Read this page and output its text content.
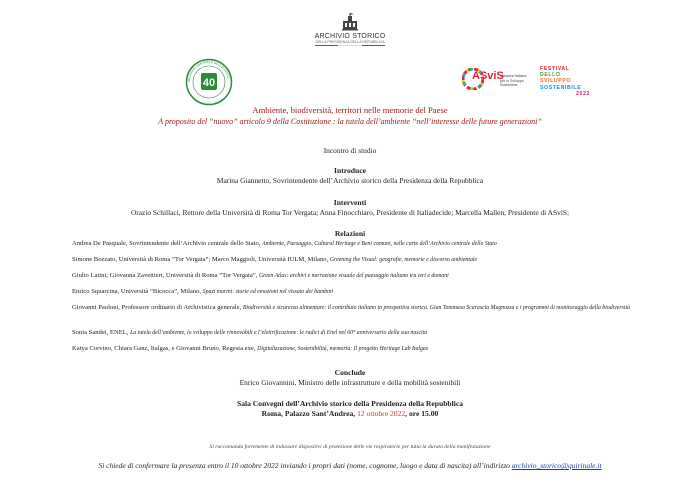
ARCHIVIO STORICO
DELLA PRESIDENZA DELLA REPUBBLICA
ARCHIVIO CENTRALE DELLO STATO
40
ASviS
Alleanza Italiana
per lo Sviluppo Sostenibile
FESTIVAL
DELLO
SVILUPPO
SOSTENIBILE
2022
Ambiente, biodiversità, territori nelle memorie del Paese
A proposito del “nuovo” articolo 9 della Costituzione : la tutela dell’ambiente “nell’interesse delle future generazioni”
Incontro di studio
Introduce
Marina Giannetto, Sovrintendente dell’Archivio storico della Presidenza della Repubblica
Interventi
Orazio Schillaci, Rettore della Università di Roma Tor Vergata; Anna Finocchiaro, Presidente di Italiadecide; Marcella Mallen, Presidente di ASviS;
Relazioni
Andrea De Pasquale, Sovrintendente dell’Archivio centrale dello Stato, Ambiente, Paesaggio, Cultural Heritage e Beni comuni, nelle carte dell’Archivio centrale dello Stato
Simone Bozzato, Università di Roma “Tor Vergata”; Marco Maggioli, Università IULM, Milano, Greening the Visual: geografie, memorie e discorso ambientale
Giulio Latini; Giovanna Zavettieri, Università di Roma “Tor Vergata”, Green Atlas: archivi e narrazione visuale del paesaggio italiano tra ieri e domani
Enrico Squarcina, Università “Bicocca”, Milano, Spazi marini: storie ed emozioni nel vissuto dei bambini
Giovanni Paoloni, Professore ordinario di Archivistica generale, Biodiversità e sicurezza alimentare: il contributo italiano in prospettiva storica. Gian Tommaso Scarascia Mugnozza e i programmi di monitoraggio della biodiversità
Sonia Sandei, ENEL, La tutela dell’ambiente, lo sviluppo delle rinnovabili e l’elettrificazione: le radici di Enel nel 60° anniversario della sua nascita
Katya Corvino, Chiara Ganz, Italgas, e Giovanni Bruno, Regesta.exe, Digitalizzazione, Sostenibilità, memoria: Il progetto Heritage Lab Italgas
Conclude
Enrico Giovannini, Ministro delle infrastrutture e della mobilità sostenibili
Sala Convegni dell’Archivio storico della Presidenza della Repubblica
Roma, Palazzo Sant’Andrea, 12 ottobre 2022, ore 15.00
Si raccomanda fortemente di indossare dispositivi di protezione delle vie respiratorie per tutta la durata della manifestazione
Si chiede di confermare la presenza entro il 10 ottobre 2022 inviando i propri dati (nome, cognome, luogo e data di nascita) all’indirizzo archivio_storico@quirinale.it
